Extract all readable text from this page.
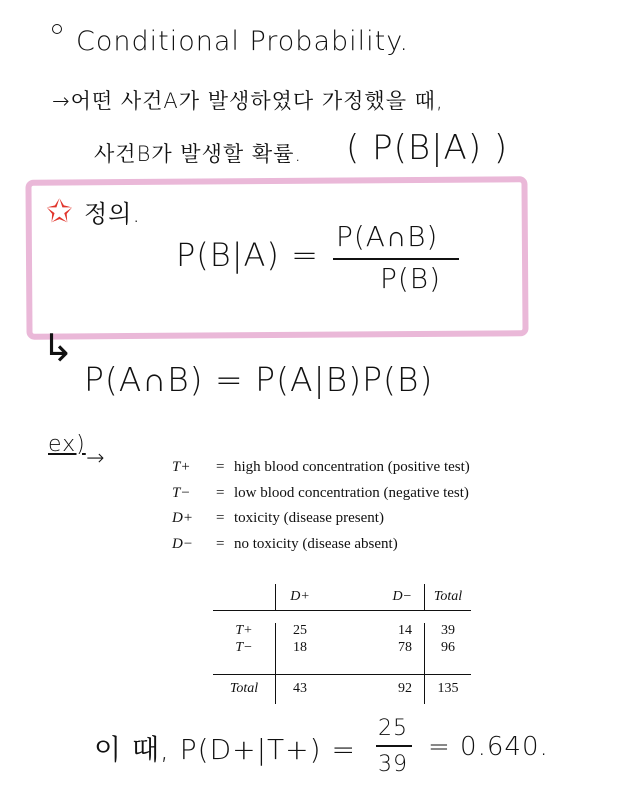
Conditional Probability.
→어떤 사건A가 발생하였다 가정했을 때,
사건B가 발생할 확률. ( P(B|A) )
✩ 정의.
P(B|A) = P(A∩B)
P(B)
↳
P(A∩B) = P(A|B)P(B)
ex)
→	T+	= high blood concentration (positive test)
T−	= low blood concentration (negative test)
D+	= toxicity (disease present)
D−	= no toxicity (disease absent)
	D+	D−	Total

T+	25	14	39
T−	18	78	96

Total	43	92	135
이 때, P(D+|T+) =
25
39
= 0.640.
